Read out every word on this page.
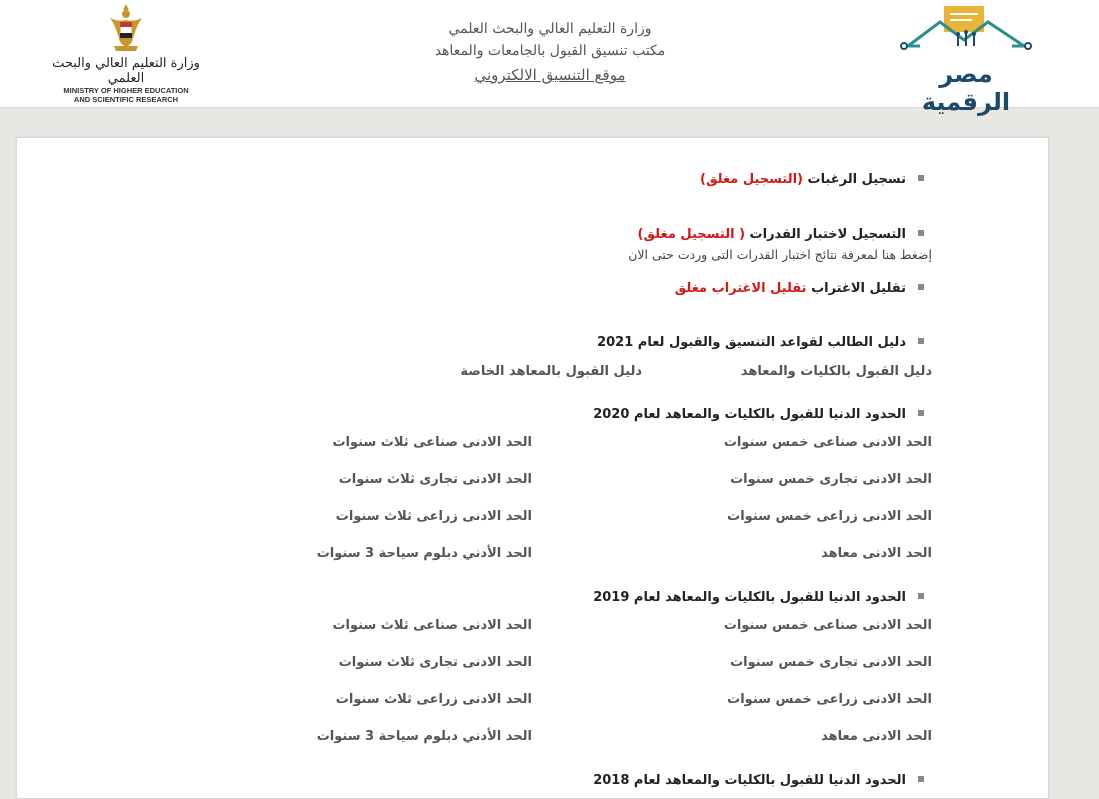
وزارة التعليم العالي والبحث العلمي
MINISTRY OF HIGHER EDUCATION
AND SCIENTIFIC RESEARCH
وزارة التعليم العالي والبحث العلمي
مكتب تنسيق القبول بالجامعات والمعاهد
موقع التنسيق الالكتروني	مصر الرقمية
تسجيل الرغبات (التسجيل مغلق)
التسجيل لاختبار القدرات ( التسجيل مغلق)
إضغط هنا لمعرفة نتائج اختبار القدرات التى وردت حتى الان
تقليل الاغتراب تقليل الاغتراب مغلق
دليل الطالب لقواعد التنسيق والقبول لعام 2021
دليل القبول بالكليات والمعاهد
دليل القبول بالمعاهد الخاصة
الحدود الدنيا للقبول بالكليات والمعاهد لعام 2020
الحد الادنى صناعى خمس سنوات
الحد الادنى صناعى ثلاث سنوات
الحد الادنى تجارى خمس سنوات
الحد الادنى تجارى ثلاث سنوات
الحد الادنى زراعى خمس سنوات
الحد الادنى زراعى ثلاث سنوات
الحد الادنى معاهد
الحد الأدني دبلوم سياحة 3 سنوات
الحدود الدنيا للقبول بالكليات والمعاهد لعام 2019
الحد الادنى صناعى خمس سنوات
الحد الادنى صناعى ثلاث سنوات
الحد الادنى تجارى خمس سنوات
الحد الادنى تجارى ثلاث سنوات
الحد الادنى زراعى خمس سنوات
الحد الادنى زراعى ثلاث سنوات
الحد الادنى معاهد
الحد الأدني دبلوم سياحة 3 سنوات
الحدود الدنيا للقبول بالكليات والمعاهد لعام 2018
